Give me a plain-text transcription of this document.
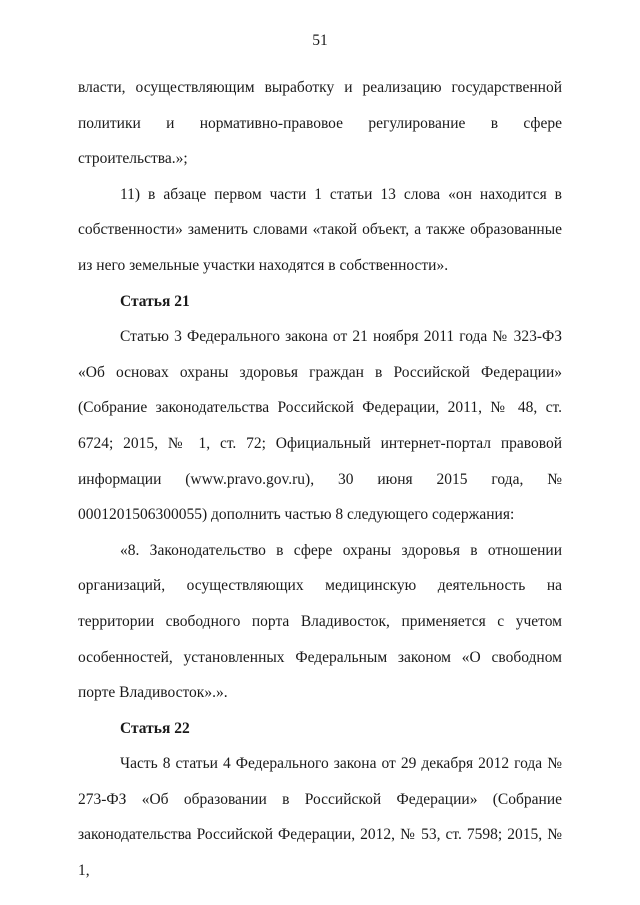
51

власти, осуществляющим выработку и реализацию государственной политики и нормативно-правовое регулирование в сфере строительства.»;

11) в абзаце первом части 1 статьи 13 слова «он находится в собственности» заменить словами «такой объект, а также образованные из него земельные участки находятся в собственности».

Статья 21

Статью 3 Федерального закона от 21 ноября 2011 года № 323-ФЗ «Об основах охраны здоровья граждан в Российской Федерации» (Собрание законодательства Российской Федерации, 2011, № 48, ст. 6724; 2015, № 1, ст. 72; Официальный интернет-портал правовой информации (www.pravo.gov.ru), 30 июня 2015 года, № 0001201506300055) дополнить частью 8 следующего содержания:

«8. Законодательство в сфере охраны здоровья в отношении организаций, осуществляющих медицинскую деятельность на территории свободного порта Владивосток, применяется с учетом особенностей, установленных Федеральным законом «О свободном порте Владивосток».».

Статья 22

Часть 8 статьи 4 Федерального закона от 29 декабря 2012 года № 273-ФЗ «Об образовании в Российской Федерации» (Собрание законодательства Российской Федерации, 2012, № 53, ст. 7598; 2015, № 1,
